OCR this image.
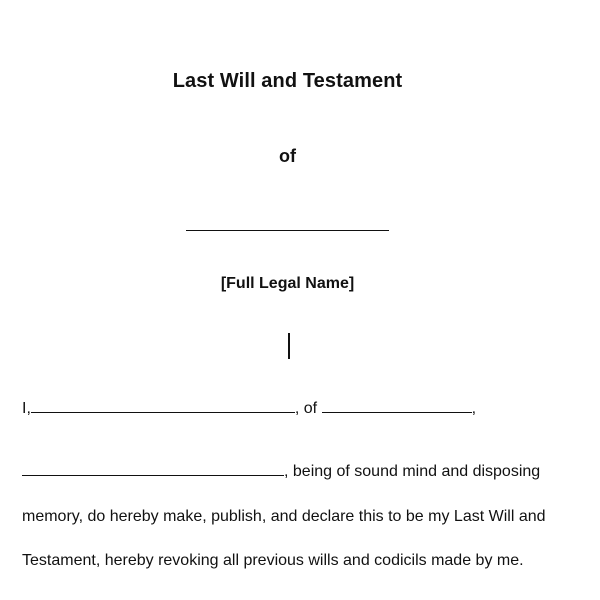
Last Will and Testament
of
[Full Legal Name]
I,	, of	,
, being of sound mind and disposing
memory, do hereby make, publish, and declare this to be my Last Will and
Testament, hereby revoking all previous wills and codicils made by me.
